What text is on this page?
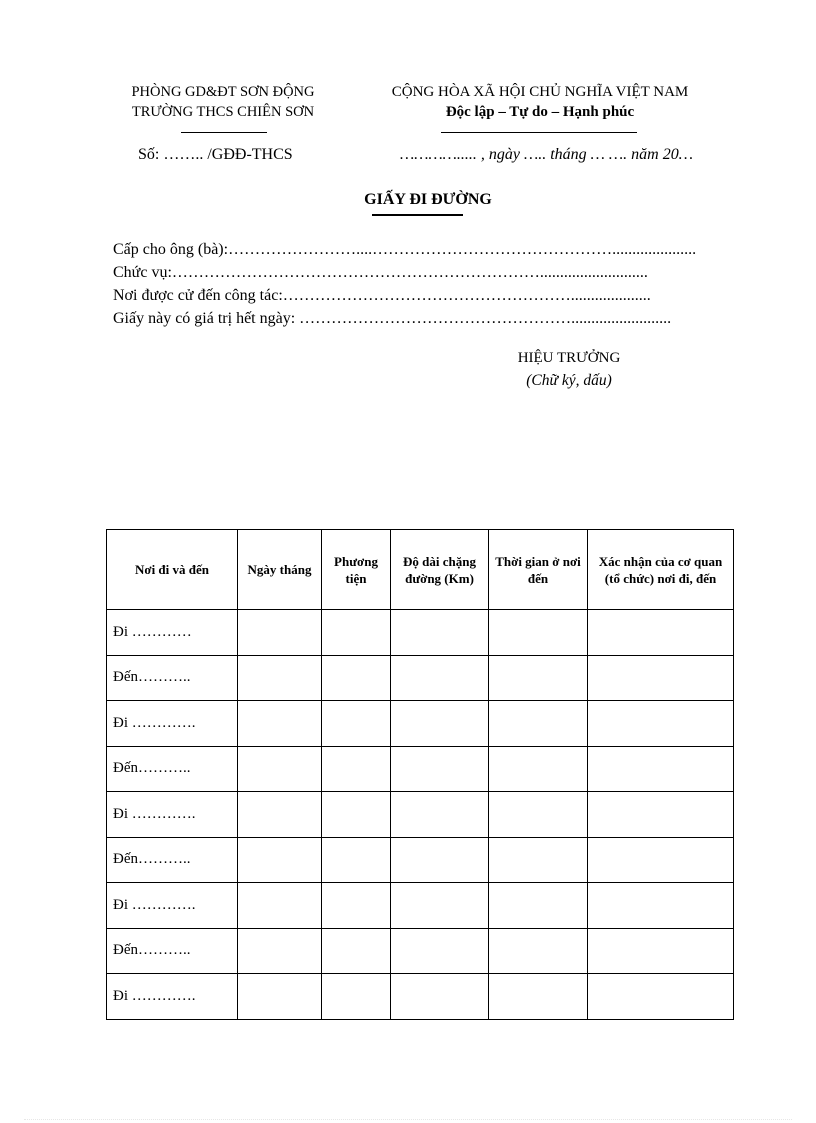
PHÒNG GD&ĐT SƠN ĐỘNG
TRƯỜNG THCS CHIÊN SƠN
CỘNG HÒA XÃ HỘI CHỦ NGHĨA VIỆT NAM
Độc lập – Tự do – Hạnh phúc
Số: …….. /GĐĐ-THCS	…………..... , ngày ….. tháng … …. năm 20…
GIẤY ĐI ĐƯỜNG
Cấp cho ông (bà):……………………....……………………………………….....................
Chức vụ:……………………………………………………………...........................
Nơi được cử đến công tác:………………………………………………....................
Giấy này có giá trị hết ngày: …………………………………………….........................
HIỆU TRƯỞNG
(Chữ ký, dấu)
Nơi đi và đến	Ngày tháng	Phương tiện	Độ dài chặng đường (Km)	Thời gian ở nơi đến	Xác nhận của cơ quan (tổ chức) nơi đi, đến
Đi …………					
Đến………..					
Đi ………….					
Đến………..					
Đi ………….					
Đến………..					
Đi ………….					
Đến………..					
Đi ………….					
